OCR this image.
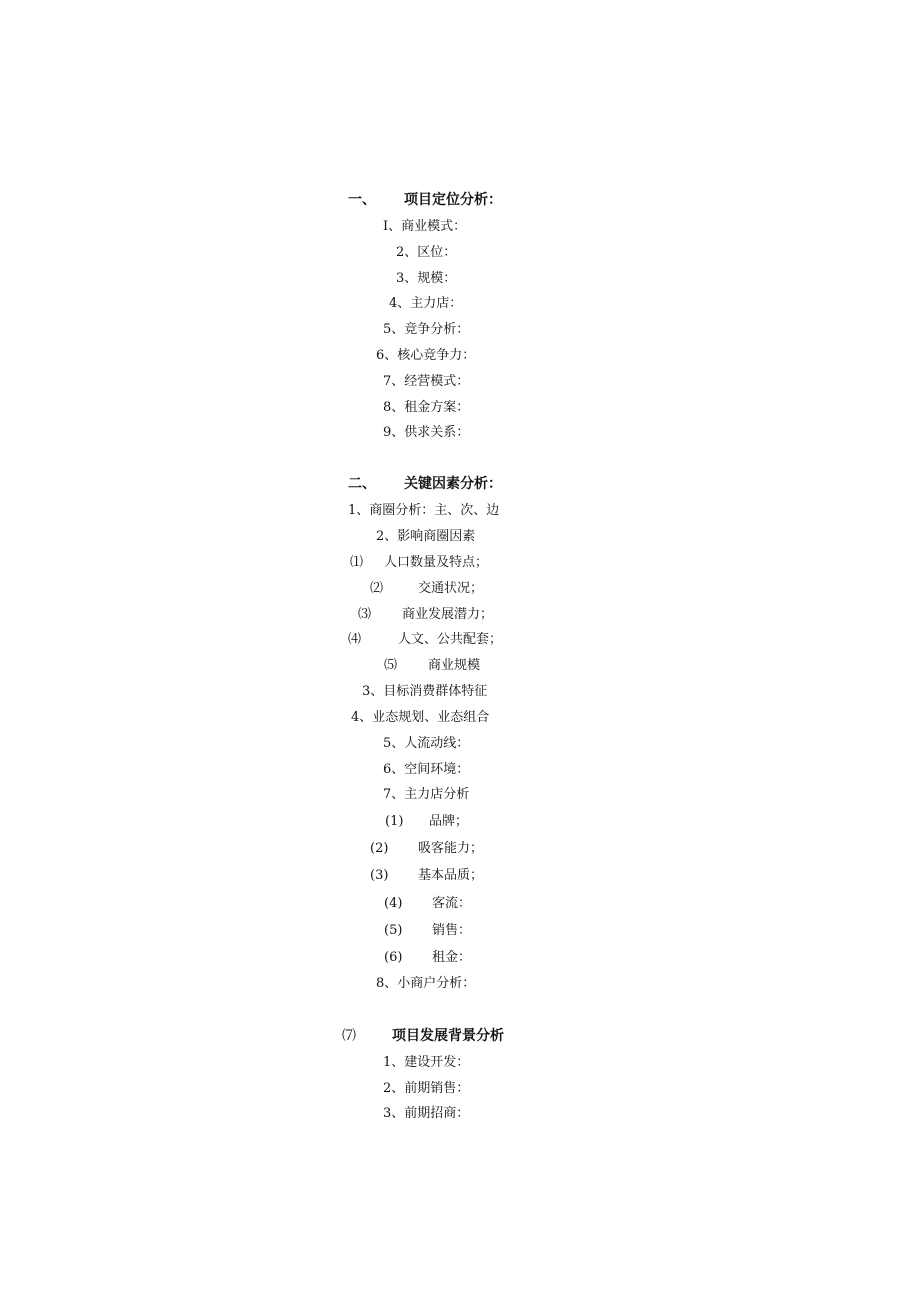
一、 项目定位分析：
I、商业模式：
2、区位：
3、规模：
4、主力店：
5、竞争分析：
6、核心竞争力：
7、经营模式：
8、租金方案：
9、供求关系：
二、 关键因素分析：
1、商圈分析：主、次、边
2、影响商圈因素
⑴ 人口数量及特点；
⑵	交通状况；
⑶ 商业发展潜力；
⑷	人文、公共配套；
⑸ 商业规模
3、目标消费群体特征
4、业态规划、业态组合
5、人流动线：
6、空间环境：
7、主力店分析
(1) 品牌；
(2) 吸客能力；
(3) 基本品质；
(4) 客流：
(5) 销售：
(6) 租金：
8、小商户分析：
⑺	项目发展背景分析
1、建设开发：
2、前期销售：
3、前期招商：
